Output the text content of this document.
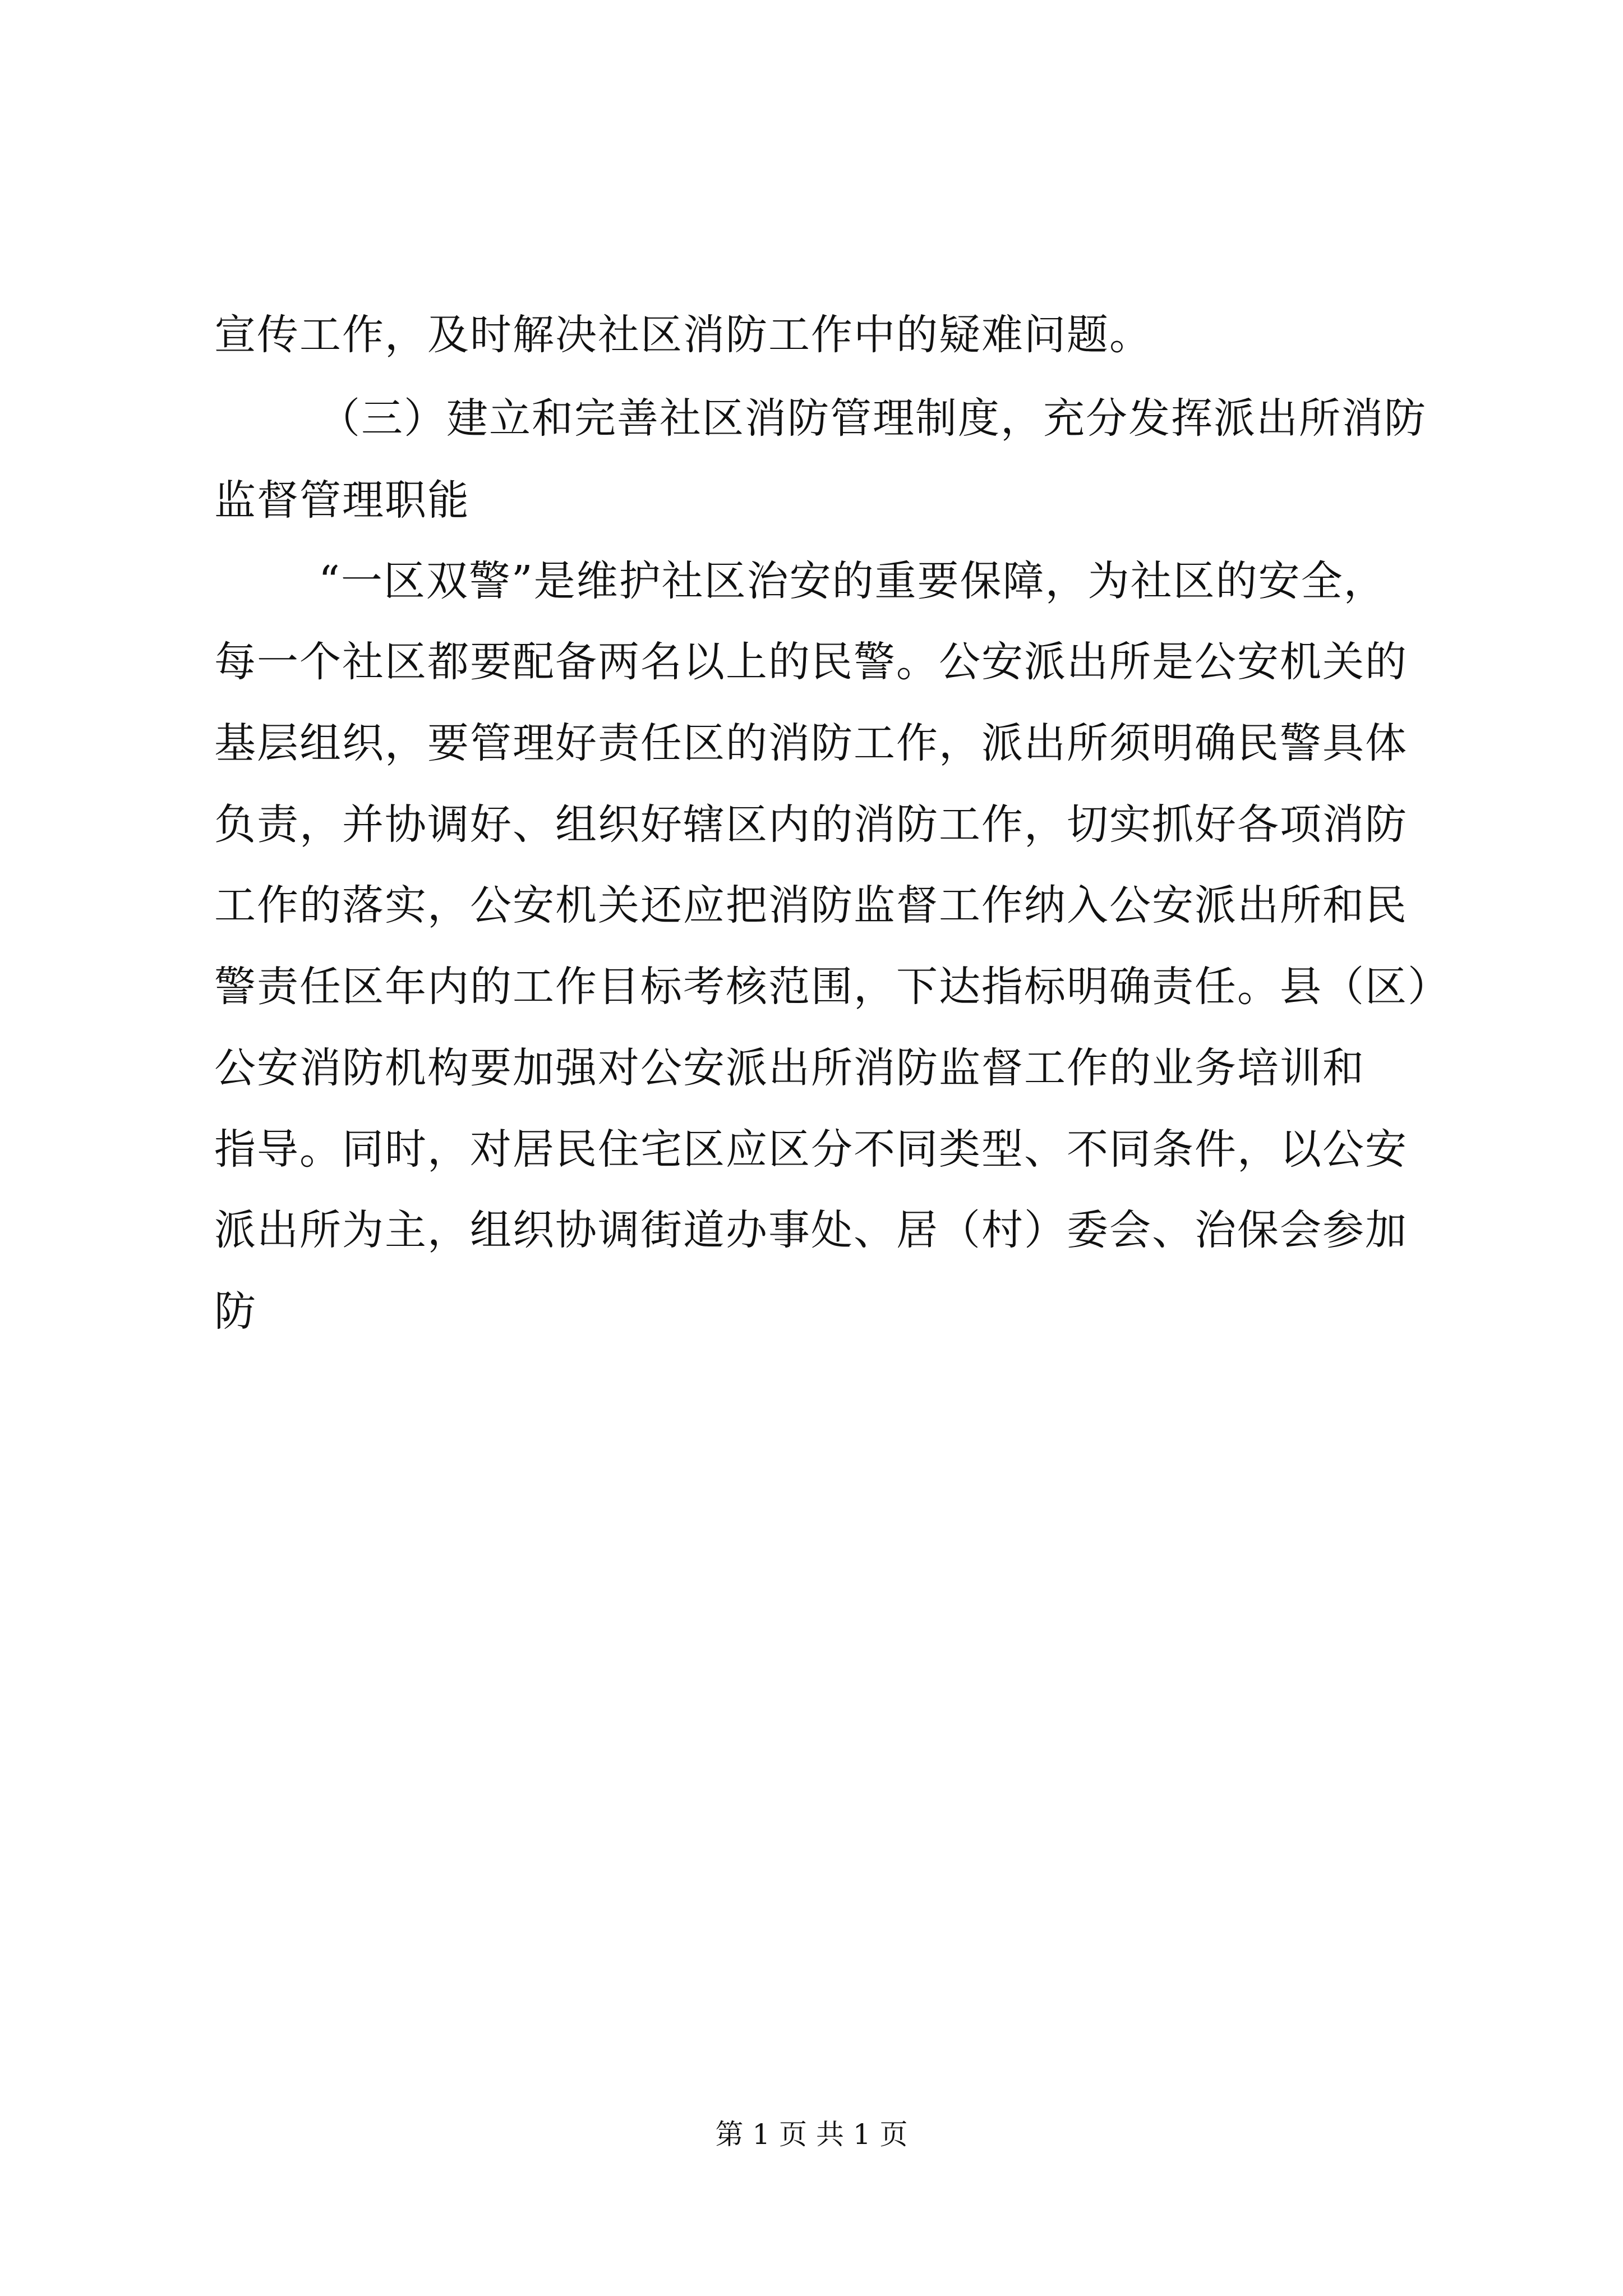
宣传工作，及时解决社区消防工作中的疑难问题。
（三）建立和完善社区消防管理制度，充分发挥派出所消防
监督管理职能
“一区双警”是维护社区治安的重要保障，为社区的安全，
每一个社区都要配备两名以上的民警。公安派出所是公安机关的
基层组织，要管理好责任区的消防工作，派出所须明确民警具体
负责，并协调好、组织好辖区内的消防工作，切实抓好各项消防
工作的落实，公安机关还应把消防监督工作纳入公安派出所和民
警责任区年内的工作目标考核范围，下达指标明确责任。县（区）
公安消防机构要加强对公安派出所消防监督工作的业务培训和
指导。同时，对居民住宅区应区分不同类型、不同条件，以公安
派出所为主，组织协调街道办事处、居（村）委会、治保会参加
防
第 1 页 共 1 页
